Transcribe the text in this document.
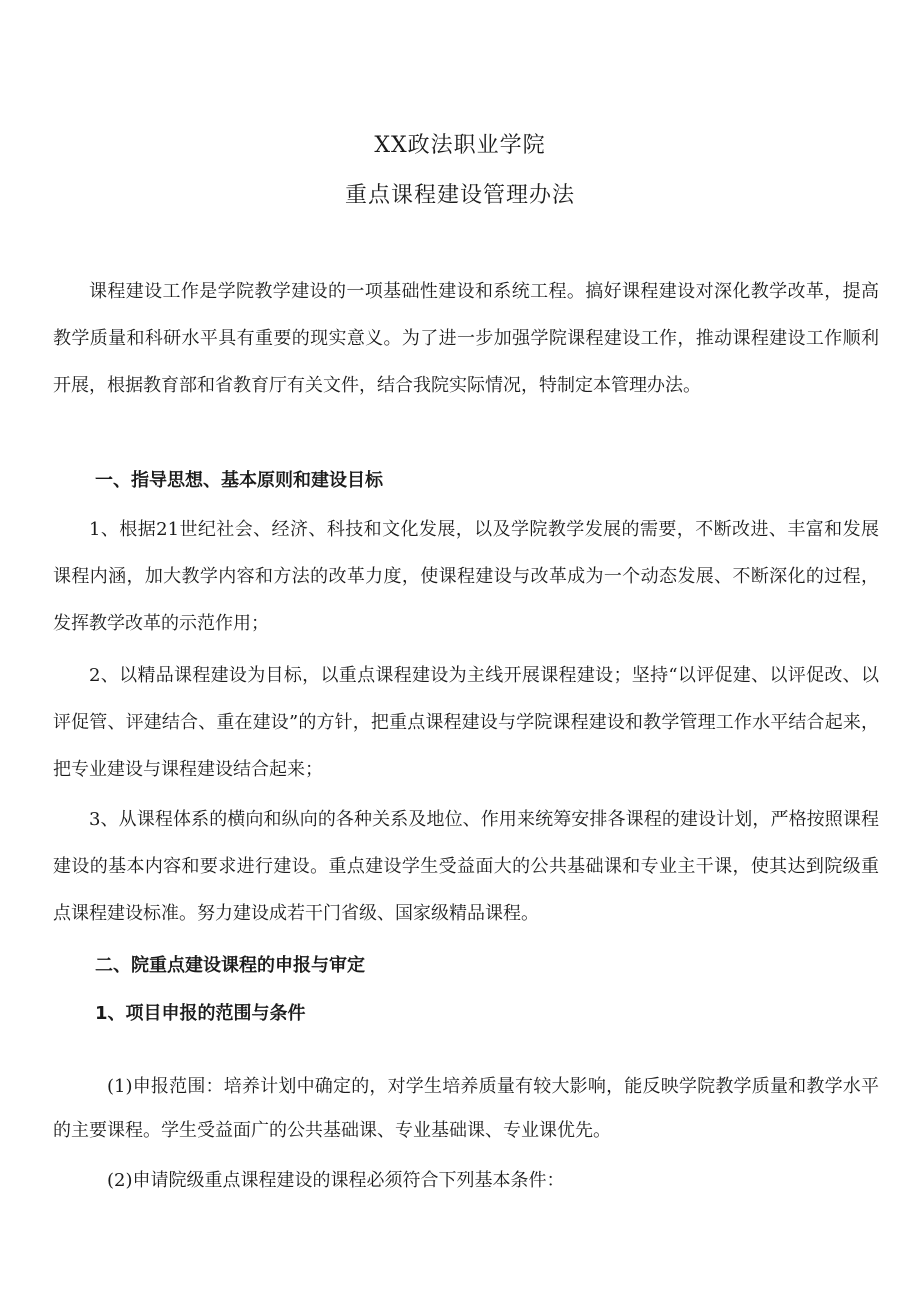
XX政法职业学院
重点课程建设管理办法

课程建设工作是学院教学建设的一项基础性建设和系统工程。搞好课程建设对深化教学改革，提高教学质量和科研水平具有重要的现实意义。为了进一步加强学院课程建设工作，推动课程建设工作顺利开展，根据教育部和省教育厅有关文件，结合我院实际情况，特制定本管理办法。

一、指导思想、基本原则和建设目标

1、根据21世纪社会、经济、科技和文化发展，以及学院教学发展的需要，不断改进、丰富和发展课程内涵，加大教学内容和方法的改革力度，使课程建设与改革成为一个动态发展、不断深化的过程，发挥教学改革的示范作用；

2、以精品课程建设为目标，以重点课程建设为主线开展课程建设；坚持“以评促建、以评促改、以评促管、评建结合、重在建设”的方针，把重点课程建设与学院课程建设和教学管理工作水平结合起来，把专业建设与课程建设结合起来；

3、从课程体系的横向和纵向的各种关系及地位、作用来统筹安排各课程的建设计划，严格按照课程建设的基本内容和要求进行建设。重点建设学生受益面大的公共基础课和专业主干课，使其达到院级重点课程建设标准。努力建设成若干门省级、国家级精品课程。

二、院重点建设课程的申报与审定
1、项目申报的范围与条件

(1)申报范围：培养计划中确定的，对学生培养质量有较大影响，能反映学院教学质量和教学水平的主要课程。学生受益面广的公共基础课、专业基础课、专业课优先。

(2)申请院级重点课程建设的课程必须符合下列基本条件：
